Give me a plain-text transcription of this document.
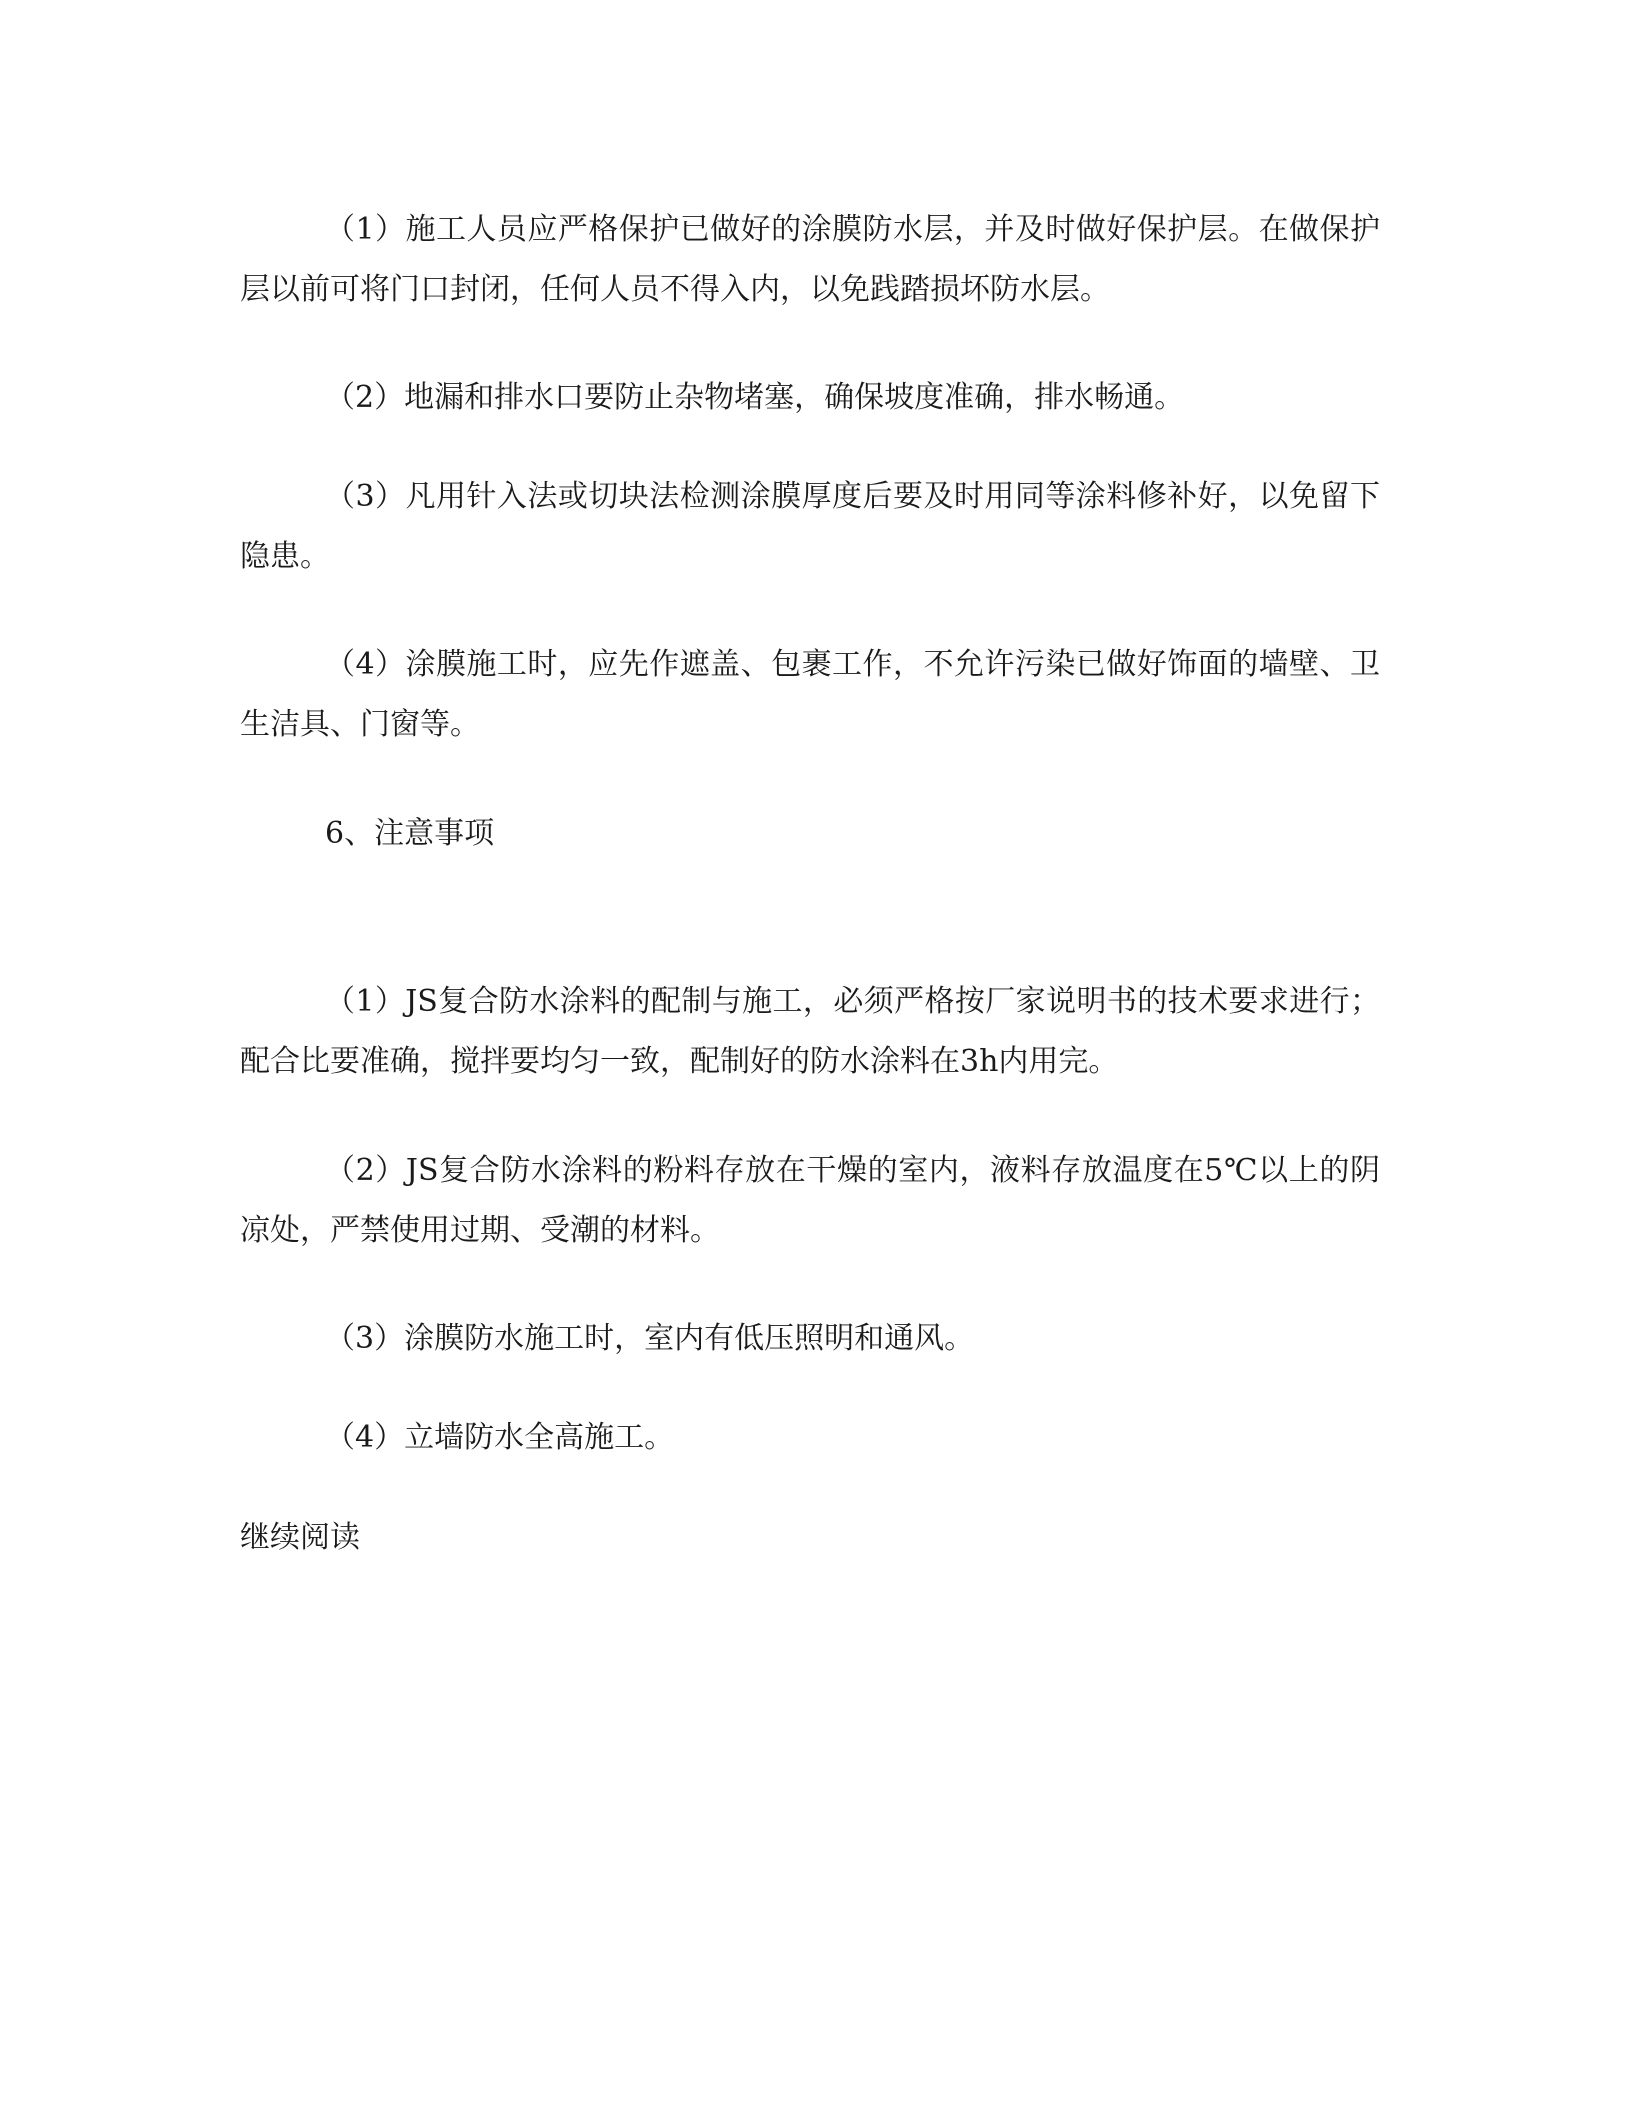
（1）施工人员应严格保护已做好的涂膜防水层，并及时做好保护层。在做保护层以前可将门口封闭，任何人员不得入内，以免践踏损坏防水层。

（2）地漏和排水口要防止杂物堵塞，确保坡度准确，排水畅通。

（3）凡用针入法或切块法检测涂膜厚度后要及时用同等涂料修补好，以免留下隐患。

（4）涂膜施工时，应先作遮盖、包裹工作，不允许污染已做好饰面的墙壁、卫生洁具、门窗等。

6、注意事项

（1）JS复合防水涂料的配制与施工，必须严格按厂家说明书的技术要求进行；配合比要准确，搅拌要均匀一致，配制好的防水涂料在3h内用完。

（2）JS复合防水涂料的粉料存放在干燥的室内，液料存放温度在5℃以上的阴凉处，严禁使用过期、受潮的材料。

（3）涂膜防水施工时，室内有低压照明和通风。

（4）立墙防水全高施工。

继续阅读
